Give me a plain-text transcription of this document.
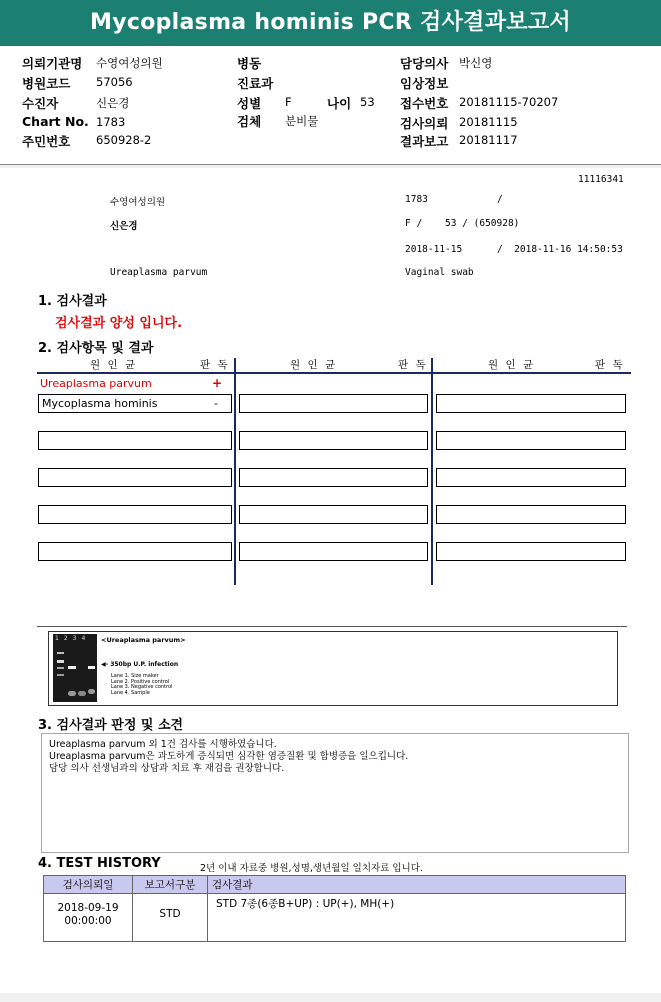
Mycoplasma hominis PCR 검사결과보고서
의뢰기관명 수영여성의원
병원코드 57056
수진자	신은경
Chart No. 1783
주민번호 650928-2
병동
진료과
성별 F	나이 53
검체 분비물
담당의사 박신영
임상정보
접수번호 20181115-70207
검사의뢰 20181115
결과보고 20181117
11116341
수영여성의원	1783	/
신은경	F /    53 / (650928)
2018-11-15	/  2018-11-16 14:50:53
Ureaplasma parvum	Vaginal swab
1. 검사결과
검사결과 양성 입니다.
2. 검사항목 및 결과
원 인 균	판 독	원 인 균	판 독	원 인 균	판 독
Ureaplasma parvum	+
Mycoplasma hominis	-
1 2 3 4	<Ureaplasma parvum>
◀- 350bp U.P. infection
Lane 1. Size maker
Lane 2. Positive control
Lane 3. Negative control
Lane 4. Sample
3. 검사결과 판정 및 소견
Ureaplasma parvum 외 1건 검사를 시행하였습니다.
Ureaplasma parvum은 과도하게 증식되면 심각한 염증질환 및 합병증을 일으킵니다.
담당 의사 선생님과의 상담과 치료 후 재검을 권장합니다.
4. TEST HISTORY	2년 이내 자료중 병원,성명,생년월일 일치자료 입니다.
검사의뢰일	보고서구분	검사결과

2018-09-19
00:00:00	STD	STD 7종(6종B+UP) : UP(+), MH(+)
